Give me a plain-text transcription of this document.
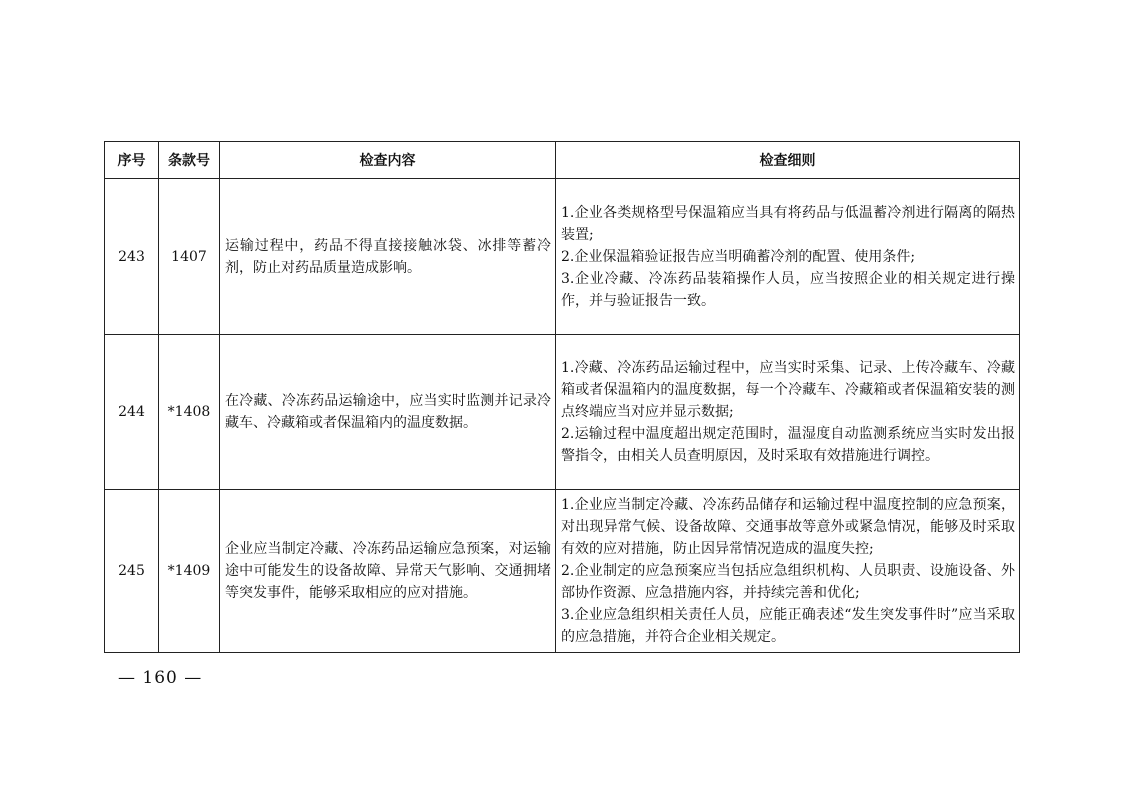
序号	条款号	检查内容	检查细则
243	1407	运输过程中，药品不得直接接触冰袋、冰排等蓄冷剂，防止对药品质量造成影响。	1.企业各类规格型号保温箱应当具有将药品与低温蓄冷剂进行隔离的隔热装置;

2.企业保温箱验证报告应当明确蓄冷剂的配置、使用条件;

3.企业冷藏、冷冻药品装箱操作人员，应当按照企业的相关规定进行操作，并与验证报告一致。

244	*1408	在冷藏、冷冻药品运输途中，应当实时监测并记录冷藏车、冷藏箱或者保温箱内的温度数据。	1.冷藏、冷冻药品运输过程中，应当实时采集、记录、上传冷藏车、冷藏箱或者保温箱内的温度数据，每一个冷藏车、冷藏箱或者保温箱安装的测点终端应当对应并显示数据;

2.运输过程中温度超出规定范围时，温湿度自动监测系统应当实时发出报警指令，由相关人员查明原因，及时采取有效措施进行调控。

245	*1409	企业应当制定冷藏、冷冻药品运输应急预案，对运输途中可能发生的设备故障、异常天气影响、交通拥堵等突发事件，能够采取相应的应对措施。	1.企业应当制定冷藏、冷冻药品储存和运输过程中温度控制的应急预案，对出现异常气候、设备故障、交通事故等意外或紧急情况，能够及时采取有效的应对措施，防止因异常情况造成的温度失控;

2.企业制定的应急预案应当包括应急组织机构、人员职责、设施设备、外部协作资源、应急措施内容，并持续完善和优化;

3.企业应急组织相关责任人员，应能正确表述“发生突发事件时”应当采取的应急措施，并符合企业相关规定。

— 160 —
